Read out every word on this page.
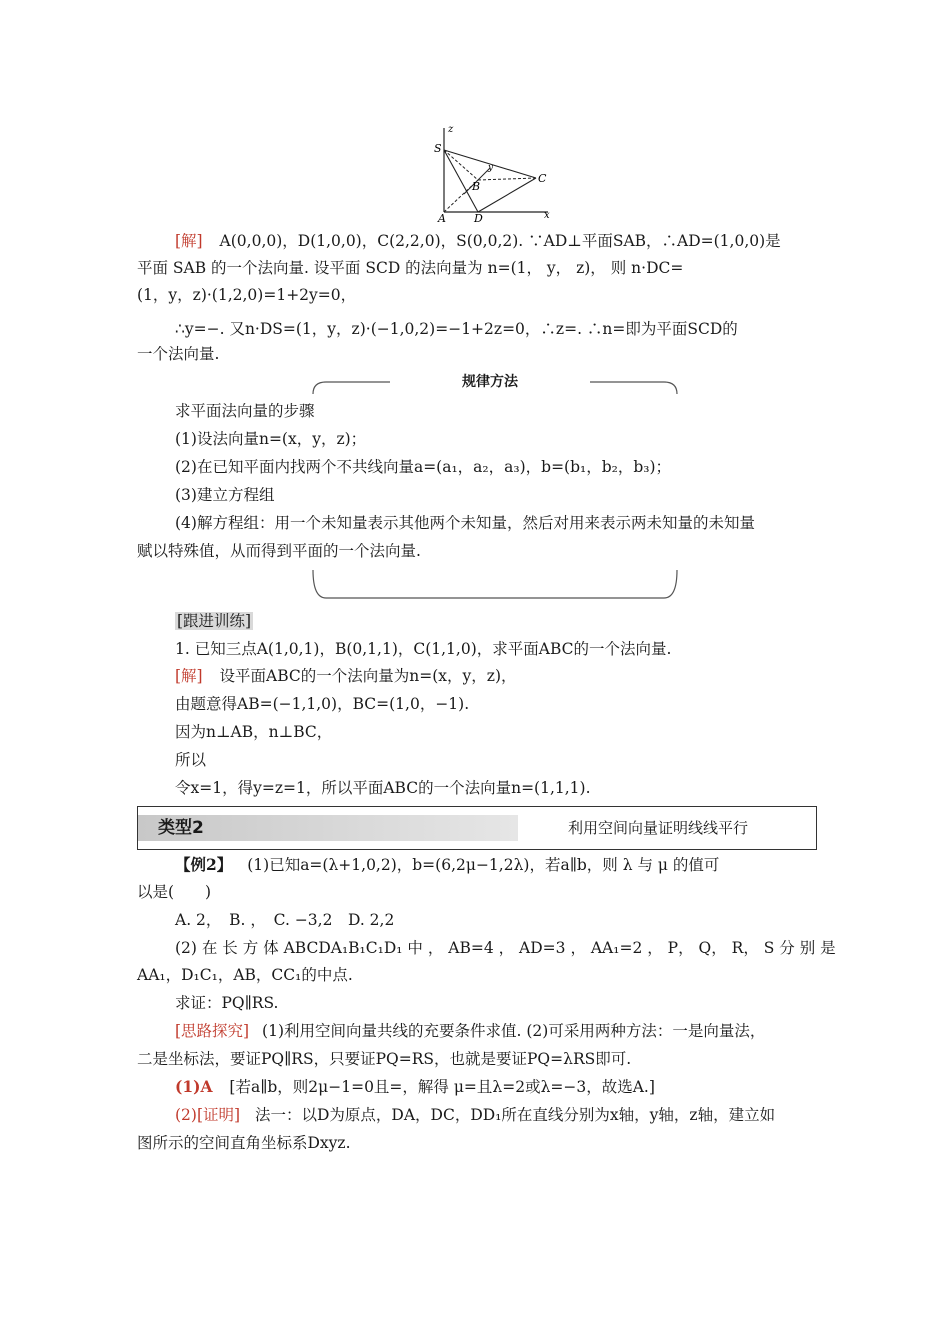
z
S
y
B
C
A	D	x
[解] A(0,0,0)，D(1,0,0)，C(2,2,0)，S(0,0,2). ∵AD⊥平面SAB，∴AD=(1,0,0)是
平面 SAB 的一个法向量. 设平面 SCD 的法向量为 n=(1， y， z)， 则 n·DC=
(1，y，z)·(1,2,0)=1+2y=0，
∴y=−. 又n·DS=(1，y，z)·(−1,0,2)=−1+2z=0，∴z=. ∴n=即为平面SCD的
一个法向量.
规律方法
求平面法向量的步骤
(1)设法向量n=(x，y，z)；
(2)在已知平面内找两个不共线向量a=(a₁，a₂，a₃)，b=(b₁，b₂，b₃)；
(3)建立方程组
(4)解方程组：用一个未知量表示其他两个未知量，然后对用来表示两未知量的未知量
赋以特殊值，从而得到平面的一个法向量.
[跟进训练]
1. 已知三点A(1,0,1)，B(0,1,1)，C(1,1,0)，求平面ABC的一个法向量.
[解] 设平面ABC的一个法向量为n=(x，y，z)，
由题意得AB=(−1,1,0)，BC=(1,0，−1).
因为n⊥AB，n⊥BC，
所以
令x=1，得y=z=1，所以平面ABC的一个法向量n=(1,1,1).
类型2	利用空间向量证明线线平行
【例2】 (1)已知a=(λ+1,0,2)，b=(6,2μ−1,2λ)，若a∥b，则 λ 与 μ 的值可
以是(　　)
A. 2，　B. ，　C. −3,2　D. 2,2
(2) 在 长 方 体 ABCDA₁B₁C₁D₁ 中 ， AB=4 ， AD=3 ， AA₁=2 ， P， Q， R， S 分 别 是
AA₁，D₁C₁，AB，CC₁的中点.
求证：PQ∥RS.
[思路探究] (1)利用空间向量共线的充要条件求值. (2)可采用两种方法：一是向量法，
二是坐标法，要证PQ∥RS，只要证PQ=RS，也就是要证PQ=λRS即可.
(1)A [若a∥b，则2μ−1=0且=，解得 μ=且λ=2或λ=−3，故选A.]
(2)[证明] 法一：以D为原点，DA，DC，DD₁所在直线分别为x轴，y轴，z轴，建立如
图所示的空间直角坐标系Dxyz.
